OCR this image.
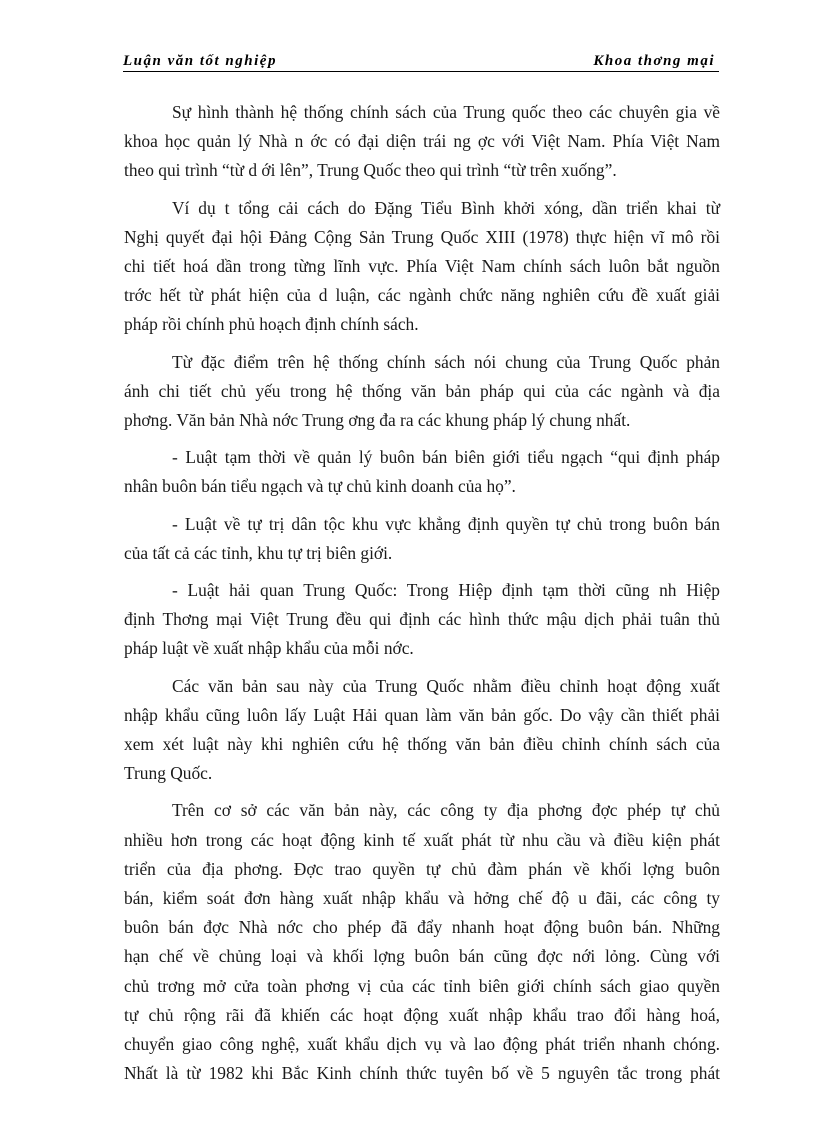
Luận văn tốt nghiệp	Khoa thơng mại

Sự hình thành hệ thống chính sách của Trung quốc theo các chuyên gia về
khoa học quản lý Nhà n ớc có đại diện trái ng ợc với Việt Nam. Phía Việt Nam
theo qui trình “từ d ới lên”, Trung Quốc theo qui trình “từ trên xuống”.

Ví dụ t tổng cải cách do Đặng Tiểu Bình khởi xóng, dần triển khai từ
Nghị quyết đại hội Đảng Cộng Sản Trung Quốc XIII (1978) thực hiện vĩ mô rồi
chi tiết hoá dần trong từng lĩnh vực. Phía Việt Nam chính sách luôn bắt nguồn
trớc hết từ phát hiện của d luận, các ngành chức năng nghiên cứu đề xuất giải
pháp rồi chính phủ hoạch định chính sách.

Từ đặc điểm trên hệ thống chính sách nói chung của Trung Quốc phản
ánh chi tiết chủ yếu trong hệ thống văn bản pháp qui của các ngành và địa
phơng. Văn bản Nhà nớc Trung ơng đa ra các khung pháp lý chung nhất.

- Luật tạm thời về quản lý buôn bán biên giới tiểu ngạch “qui định pháp
nhân buôn bán tiểu ngạch và tự chủ kinh doanh của họ”.

- Luật về tự trị dân tộc khu vực khẳng định quyền tự chủ trong buôn bán
của tất cả các tỉnh, khu tự trị biên giới.

- Luật hải quan Trung Quốc: Trong Hiệp định tạm thời cũng nh Hiệp
định Thơng mại Việt Trung đều qui định các hình thức mậu dịch phải tuân thủ
pháp luật về xuất nhập khẩu của mỗi nớc.

Các văn bản sau này của Trung Quốc nhằm điều chỉnh hoạt động xuất
nhập khẩu cũng luôn lấy Luật Hải quan làm văn bản gốc. Do vậy cần thiết phải
xem xét luật này khi nghiên cứu hệ thống văn bản điều chỉnh chính sách của
Trung Quốc.

Trên cơ sở các văn bản này, các công ty địa phơng đợc phép tự chủ
nhiều hơn trong các hoạt động kinh tế xuất phát từ nhu cầu và điều kiện phát
triển của địa phơng. Đợc trao quyền tự chủ đàm phán về khối lợng buôn
bán, kiểm soát đơn hàng xuất nhập khẩu và hởng chế độ u đãi, các công ty
buôn bán đợc Nhà nớc cho phép đã đẩy nhanh hoạt động buôn bán. Những
hạn chế về chủng loại và khối lợng buôn bán cũng đợc nới lỏng. Cùng với
chủ trơng mở cửa toàn phơng vị của các tỉnh biên giới chính sách giao quyền
tự chủ rộng rãi đã khiến các hoạt động xuất nhập khẩu trao đổi hàng hoá,
chuyển giao công nghệ, xuất khẩu dịch vụ và lao động phát triển nhanh chóng.
Nhất là từ 1982 khi Bắc Kinh chính thức tuyên bố về 5 nguyên tắc trong phát
